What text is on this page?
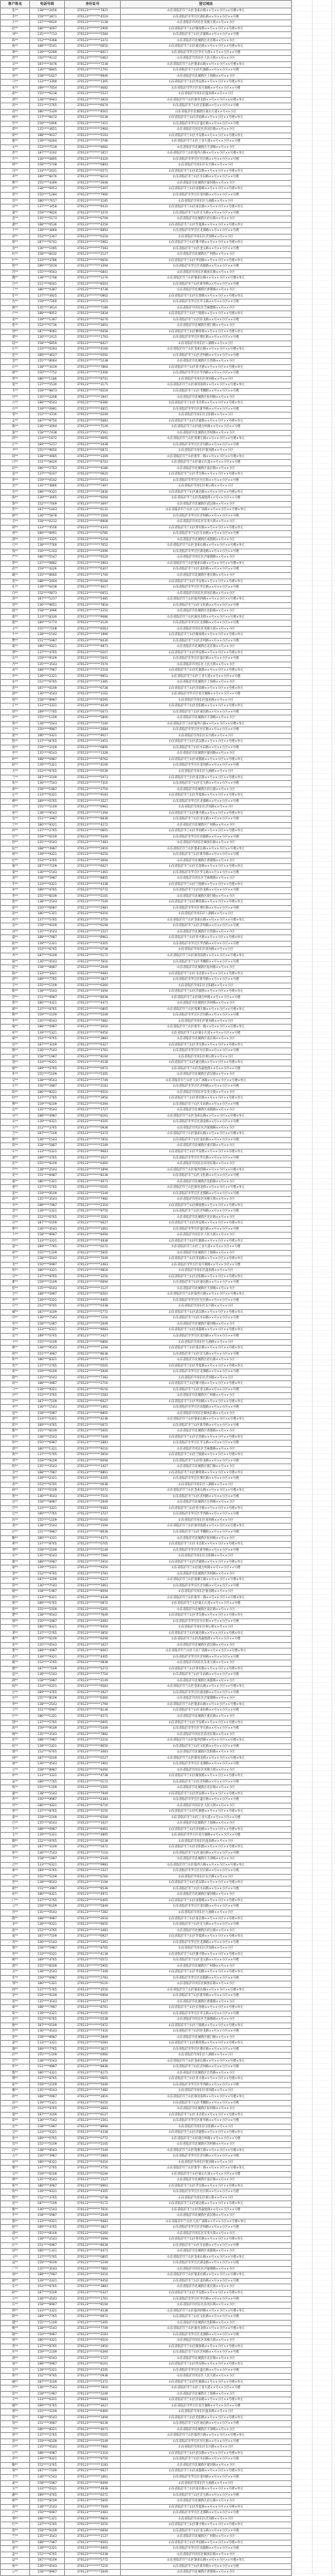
客户姓名	电话号码	身份证号	登记地址
张**	138****2456	370123********7821	山东省临沂市兰山区金雀山路××号××小区××号楼×单元
李**	159****3871	370123********4519	山东省临沂市罗庄区湖东路××号××小区××号楼
王**	137****6620	370123********1138	山东省临沂市河东区凤凰大街××号××小区
赵**	186****4097	370123********2906	山东省临沂市兰山区解放路××号××小区××号楼×单元
刘**	135****7713	370123********5584	山东省临沂市兰山区沂蒙路××号××小区××号楼
陈**	152****0368	370123********3372	山东省临沂市北城新区北京路××号××小区
杨**	188****5541	370123********6650	山东省临沂市兰山区通达路××号××小区××号楼×单元
黄**	139****2289	370123********8017	山东省临沂市罗庄区罗庄大街××号××小区××号楼
周**	150****9132	370123********0463	山东省临沂市河东区人民大街××号××小区
吴**	187****4476	370123********7238	山东省临沂市兰山区银雀山路××号××小区××号楼×单元
徐**	136****8805	370123********2791	山东省临沂市兰山区红旗路××号××小区××号楼
孙**	158****1627	370123********9946	山东省临沂市北城新区上海路××号××小区
马**	133****3390	370123********1305	山东省临沂市兰山区西安路××号××小区××号楼×单元
朱**	189****7054	370123********4682	山东省临沂市罗庄区双月湖路××号××小区××号楼
胡**	155****6218	370123********5527	山东省临沂市河东区温泉路××号××小区
郭**	138****0943	370123********3819	山东省临沂市兰山区涑河北街××号××小区××号楼×单元
何**	151****2765	370123********6074	山东省临沂市兰山区启阳路××号××小区××号楼
高**	186****5329	370123********8561	山东省临沂市北城新区蒙山大道××号××小区
林**	137****8472	370123********0238	山东省临沂市兰山区济南路××号××小区××号楼×单元
罗**	159****1806	370123********7415	山东省临沂市罗庄区盛庄路××号××小区××号楼
郑**	135****4651	370123********2960	山东省临沂市河东区滨河东路××号××小区
梁**	188****9037	370123********5193	山东省临沂市兰山区平安路××号××小区××号楼×单元
谢**	139****6284	370123********3746	山东省临沂市兰山区工业大道××号××小区××号楼
宋**	152****7519	370123********9082	山东省临沂市北城新区天津路××号××小区
唐**	187****3162	370123********1657	山东省临沂市兰山区临西六路××号××小区××号楼×单元
许**	136****0895	370123********4320	山东省临沂市罗庄区付庄路××号××小区××号楼
韩**	158****5748	370123********6893	山东省临沂市河东区东兴路××号××小区
冯**	133****2031	370123********0571	山东省临沂市兰山区武汉路××号××小区××号楼×单元
邓**	189****8476	370123********8214	山东省临沂市兰山区水田路××号××小区××号楼
曹**	155****4309	370123********2648	山东省临沂市北城新区蒙河路××号××小区
彭**	138****6953	370123********5307	山东省临沂市兰山区成都路××号××小区××号楼×单元
曾**	150****1284	370123********7960	山东省临沂市罗庄区清河路××号××小区××号楼
肖**	186****7617	370123********3185	山东省临沂市河东区九曲路××号××小区
田**	137****3458	370123********9431	山东省临沂市兰山区南京路××号××小区××号楼×单元
董**	159****9820	370123********1074	山东省临沂市兰山区宏大路××号××小区××号楼
袁**	135****5173	370123********6709	山东省临沂市北城新区府右路××号××小区
潘**	188****0536	370123********4256	山东省临沂市兰山区华夏路××号××小区××号楼×单元
于**	139****4869	370123********8893	山东省临沂市罗庄区龙潭路××号××小区××号楼
蒋**	152****2307	370123********0318	山东省临沂市河东区沂河路××号××小区
蔡**	187****6741	370123********5962	山东省临沂市兰山区聚才路××号××小区××号楼×单元
余**	136****1095	370123********7583	山东省临沂市兰山区金五路××号××小区××号楼
杜**	158****8432	370123********2127	山东省临沂市北城新区广州路××号××小区
叶**	133****3786	370123********9650	山东省临沂市兰山区枣园路××号××小区××号楼×单元
程**	189****5019	370123********3394	山东省临沂市罗庄区高都路××号××小区××号楼
苏**	155****9563	370123********6841	山东省临沂市河东区解放东路××号××小区
魏**	138****2708	370123********1276	山东省临沂市兰山区银雀山路××号××小区××号楼×单元
吕**	151****6041	370123********8503	山东省临沂市兰山区新华路××号××小区××号楼
丁**	186****0387	370123********4738	山东省临沂市北城新区香港路××号××小区
任**	137****4925	370123********0962	山东省临沂市兰山区长春路××号××小区××号楼×单元
沈**	159****7260	370123********5415	山东省临沂市罗庄区罗五路××号××小区××号楼
姚**	135****3614	370123********7189	山东省临沂市河东区芝麻墩路××号××小区
卢**	188****8952	370123********2834	山东省临沂市兰山区兰陵路××号××小区××号楼×单元
姜**	139****1397	370123********9276	山东省临沂市兰山区卧龙路××号××小区××号楼
崔**	152****5736	370123********3601	山东省临沂市北城新区澳门路××号××小区
钟**	187****9081	370123********6058	山东省临沂市兰山区柳青路××号××小区××号楼×单元
谭**	136****2415	370123********1793	山东省临沂市罗庄区傅庄路××号××小区××号楼
陆**	158****6859	370123********8427	山东省临沂市河东区八湖路××号××小区
汪**	133****0293	370123********4160	山东省临沂市兰山区金雀山路××号××小区××号楼×单元
范**	189****4627	370123********0592	山东省临沂市兰山区沂州路××号××小区××号楼
金**	155****8064	370123********5238	山东省临沂市北城新区台湾路××号××小区
石**	138****3419	370123********7864	山东省临沂市兰山区育才路××号××小区××号楼×单元
廖**	150****7752	370123********2306	山东省临沂市罗庄区罗西路××号××小区××号楼
贾**	186****1186	370123********9741	山东省临沂市河东区汤河路××号××小区
夏**	137****5530	370123********3175	山东省临沂市兰山区涑河南街××号××小区××号楼×单元
韦**	159****9873	370123********6519	山东省临沂市兰山区考棚街××号××小区××号楼
付**	135****2208	370123********1947	山东省临沂市北城新区杭州路××号××小区
方**	188****6543	370123********8380	山东省临沂市兰山区书圣街××号××小区××号楼×单元
白**	139****0981	370123********4815	山东省临沂市罗庄区新华路××号××小区××号楼
邹**	152****4316	370123********0249	山东省临沂市河东区正阳路××号××小区
孟**	187****8750	370123********5683	山东省临沂市兰山区沂蒙路××号××小区××号楼×单元
熊**	136****3094	370123********7126	山东省临沂市兰山区砚台岭路××号××小区××号楼
秦**	158****7438	370123********2561	山东省临沂市北城新区苏州路××号××小区
邱**	133****1872	370123********9095	山东省临沂市兰山区琅琊王路××号××小区××号楼×单元
江**	189****5217	370123********3438	山东省临沂市罗庄区沂河路××号××小区××号楼
尹**	155****9650	370123********6872	山东省临沂市河东区银河路××号××小区
薛**	138****4085	370123********1309	山东省临沂市兰山区新华一路××号××小区××号楼×单元
闫**	151****8429	370123********8743	山东省临沂市兰山区蒙山大道××号××小区××号楼
段**	186****2763	370123********4186	山东省临沂市北城新区南京路××号××小区
雷**	137****6107	370123********0620	山东省临沂市兰山区孝友路××号××小区××号楼×单元
侯**	159****0542	370123********5053	山东省临沂市罗庄区付庄街××号××小区××号楼
龙**	135****4886	370123********7497	山东省临沂市河东区相公街××号××小区
史**	188****9321	370123********2830	山东省临沂市兰山区通达路××号××小区××号楼×单元
陶**	139****3665	370123********9264	山东省临沂市兰山区洗砚池街××号××小区××号楼
黎**	152****7009	370123********3697	山东省临沂市北城新区武汉路××号××小区
贺**	187****1443	370123********6131	山东省临沂市兰山区人民广场路××号××小区××号楼×单元
顾**	136****5878	370123********1564	山东省临沂市罗庄区沂州路××号××小区××号楼
毛**	158****0212	370123********8908	山东省临沂市河东区东夷大街××号××小区
郝**	133****4556	370123********4341	山东省临沂市兰山区将军路××号××小区××号楼×单元
龚**	189****8991	370123********0785	山东省临沂市兰山区车站路××号××小区××号楼
邵**	155****3325	370123********5218	山东省临沂市北城新区成都路××号××小区
万**	138****7769	370123********7652	山东省临沂市兰山区金雀山路××号××小区××号楼×单元
钱**	150****1103	370123********2096	山东省临沂市罗庄区湖北路××号××小区××号楼
严**	186****5547	370123********9529	山东省临沂市河东区沂蒙湖路××号××小区
覃**	137****9882	370123********3963	山东省临沂市兰山区银雀山路××号××小区××号楼×单元
武**	159****4226	370123********6307	山东省临沂市兰山区南坊路××号××小区××号楼
戴**	135****8660	370123********1740	山东省临沂市北城新区重庆路××号××小区
莫**	188****2004	370123********8184	山东省临沂市兰山区平安路××号××小区××号楼×单元
孔**	139****6438	370123********4617	山东省临沂市罗庄区罗庄路××号××小区××号楼
向**	152****0873	370123********0051	山东省临沂市河东区滨河东路××号××小区
汤**	187****5217	370123********5485	山东省临沂市兰山区临西四路××号××小区××号楼×单元
常**	136****9651	370123********7818	山东省临沂市兰山区文化路××号××小区××号楼
温**	158****3996	370123********2252	山东省临沂市北城新区沈阳路××号××小区
康**	133****8330	370123********9686	山东省临沂市兰山区涑河北街××号××小区××号楼×单元
施**	189****2774	370123********3129	山东省临沂市罗庄区龙潭路××号××小区××号楼
文**	155****7108	370123********6563	山东省临沂市河东区凤凰大街××号××小区
牛**	138****1542	370123********1996	山东省临沂市兰山区解放路××号××小区××号楼×单元
樊**	151****5987	370123********8430	山东省临沂市兰山区沂州路××号××小区××号楼
葛**	186****0321	370123********4873	山东省临沂市北城新区北京路××号××小区
邢**	137****4765	370123********0207	山东省临沂市兰山区西安路××号××小区××号楼×单元
安**	159****9109	370123********5641	山东省临沂市罗庄区盛庄路××号××小区××号楼
齐**	135****3543	370123********7074	山东省临沂市河东区人民大街××号××小区
易**	188****7987	370123********2518	山东省临沂市兰山区红旗路××号××小区××号楼×单元
乔**	139****2321	370123********9951	山东省临沂市兰山区工业大道××号××小区××号楼
伍**	152****6765	370123********3385	山东省临沂市北城新区上海路××号××小区
庞**	187****0109	370123********6728	山东省临沂市兰山区济南路××号××小区××号楼×单元
颜**	136****4543	370123********1162	山东省临沂市罗庄区双月湖路××号××小区××号楼
倪**	158****8987	370123********8595	山东省临沂市河东区温泉路××号××小区
庄**	133****3321	370123********4039	山东省临沂市兰山区启阳路××号××小区××号楼×单元
聂**	189****7765	370123********0473	山东省临沂市兰山区通达路××号××小区××号楼
章**	155****1109	370123********5806	山东省临沂市北城新区天津路××号××小区
鲁**	138****5543	370123********7240	山东省临沂市兰山区临西六路××号××小区××号楼×单元
岳**	150****9987	370123********2684	山东省临沂市罗庄区付庄路××号××小区××号楼
翟**	186****4321	370123********9017	山东省临沂市河东区东兴路××号××小区
殷**	137****8765	370123********3451	山东省临沂市兰山区武汉路××号××小区××号楼×单元
詹**	159****2109	370123********6895	山东省临沂市兰山区水田路××号××小区××号楼
申**	135****6543	370123********1328	山东省临沂市北城新区蒙河路××号××小区
欧**	188****0987	370123********8762	山东省临沂市兰山区成都路××号××小区××号楼×单元
耿**	139****5321	370123********4106	山东省临沂市罗庄区清河路××号××小区××号楼
关**	152****9765	370123********0539	山东省临沂市河东区九曲路××号××小区
兰**	187****3109	370123********5973	山东省临沂市兰山区南京路××号××小区××号楼×单元
焦**	136****7543	370123********7316	山东省临沂市兰山区宏大路××号××小区××号楼
俞**	158****1987	370123********2750	山东省临沂市北城新区府右路××号××小区
左**	133****6321	370123********9183	山东省临沂市兰山区华夏路××号××小区××号楼×单元
柳**	189****0765	370123********3527	山东省临沂市罗庄区龙潭路××号××小区××号楼
甘**	155****5109	370123********6961	山东省临沂市河东区沂河路××号××小区
祝**	138****9543	370123********1394	山东省临沂市兰山区聚才路××号××小区××号楼×单元
包**	151****3987	370123********8838	山东省临沂市兰山区金五路××号××小区××号楼
宁**	186****8321	370123********4272	山东省临沂市北城新区广州路××号××小区
尚**	137****2765	370123********0605	山东省临沂市兰山区枣园路××号××小区××号楼×单元
符**	159****6109	370123********5049	山东省临沂市罗庄区高都路××号××小区××号楼
舒**	135****0543	370123********7483	山东省临沂市河东区解放东路××号××小区
阮**	188****4987	370123********2816	山东省临沂市兰山区银雀山路××号××小区××号楼×单元
柯**	139****9321	370123********9250	山东省临沂市兰山区新华路××号××小区××号楼
纪**	152****3765	370123********3694	山东省临沂市北城新区香港路××号××小区
梅**	187****7109	370123********6027	山东省临沂市兰山区长春路××号××小区××号楼×单元
童**	136****1543	370123********1461	山东省临沂市罗庄区罗五路××号××小区××号楼
凌**	158****5987	370123********8805	山东省临沂市河东区芝麻墩路××号××小区
毕**	133****0321	370123********4338	山东省临沂市兰山区兰陵路××号××小区××号楼×单元
单**	189****4765	370123********0772	山东省临沂市兰山区卧龙路××号××小区××号楼
季**	155****8109	370123********5105	山东省临沂市北城新区澳门路××号××小区
裴**	138****2543	370123********7549	山东省临沂市兰山区柳青路××号××小区××号楼×单元
霍**	150****6987	370123********2983	山东省临沂市罗庄区傅庄路××号××小区××号楼
涂**	186****1321	370123********9316	山东省临沂市河东区八湖路××号××小区
成**	137****5765	370123********3750	山东省临沂市兰山区金雀山路××号××小区××号楼×单元
苗**	159****9109	370123********6194	山东省临沂市兰山区沂州路××号××小区××号楼
谷**	135****3543	370123********1527	山东省临沂市北城新区台湾路××号××小区
盛**	188****7987	370123********8961	山东省临沂市兰山区育才路××号××小区××号楼×单元
曲**	139****2321	370123********4305	山东省临沂市罗庄区罗西路××号××小区××号楼
翁**	152****6765	370123********0738	山东省临沂市河东区汤河路××号××小区
冉**	187****0109	370123********5172	山东省临沂市兰山区涑河南街××号××小区××号楼×单元
骆**	136****4543	370123********7616	山东省临沂市兰山区考棚街××号××小区××号楼
蓝**	158****8987	370123********2049	山东省临沂市北城新区杭州路××号××小区
路**	133****3321	370123********9483	山东省临沂市兰山区书圣街××号××小区××号楼×单元
游**	189****7765	370123********3827	山东省临沂市罗庄区新华路××号××小区××号楼
辛**	155****1109	370123********6260	山东省临沂市河东区正阳路××号××小区
靳**	138****5543	370123********1694	山东省临沂市兰山区沂蒙路××号××小区××号楼×单元
管**	151****9987	370123********8038	山东省临沂市兰山区砚台岭路××号××小区××号楼
柴**	186****4321	370123********4471	山东省临沂市北城新区苏州路××号××小区
蒲**	137****8765	370123********0805	山东省临沂市兰山区琅琊王路××号××小区××号楼×单元
鲍**	159****2109	370123********5249	山东省临沂市罗庄区沂河路××号××小区××号楼
华**	135****6543	370123********7682	山东省临沂市河东区银河路××号××小区
喻**	188****0987	370123********2016	山东省临沂市兰山区新华一路××号××小区××号楼×单元
祁**	139****5321	370123********9450	山东省临沂市兰山区蒙山大道××号××小区××号楼
蒙**	152****9765	370123********3883	山东省临沂市北城新区南京路××号××小区
房**	187****3109	370123********6327	山东省临沂市兰山区孝友路××号××小区××号楼×单元
滕**	136****7543	370123********1761	山东省临沂市罗庄区付庄街××号××小区××号楼
屈**	158****1987	370123********8194	山东省临沂市河东区相公街××号××小区
饶**	133****6321	370123********4538	山东省临沂市兰山区通达路××号××小区××号楼×单元
解**	189****0765	370123********0972	山东省临沂市兰山区洗砚池街××号××小区××号楼
牟**	155****5109	370123********5305	山东省临沂市北城新区武汉路××号××小区
艾**	138****9543	370123********7749	山东省临沂市兰山区人民广场路××号××小区××号楼×单元
尤**	150****3987	370123********2183	山东省临沂市罗庄区沂州路××号××小区××号楼
阳**	186****8321	370123********9516	山东省临沂市河东区东夷大街××号××小区
时**	137****2765	370123********3950	山东省临沂市兰山区将军路××号××小区××号楼×单元
穆**	159****6109	370123********6394	山东省临沂市兰山区车站路××号××小区××号楼
农**	135****0543	370123********1727	山东省临沂市北城新区成都路××号××小区
司**	188****4987	370123********8161	山东省临沂市兰山区金雀山路××号××小区××号楼×单元
卓**	139****9321	370123********4505	山东省临沂市罗庄区湖北路××号××小区××号楼
古**	152****3765	370123********0938	山东省临沂市河东区沂蒙湖路××号××小区
吉**	187****7109	370123********5372	山东省临沂市兰山区银雀山路××号××小区××号楼×单元
缪**	136****1543	370123********7816	山东省临沂市兰山区南坊路××号××小区××号楼
简**	158****5987	370123********2249	山东省临沂市北城新区重庆路××号××小区
车**	133****0321	370123********9683	山东省临沂市兰山区平安路××号××小区××号楼×单元
项**	189****4765	370123********3027	山东省临沂市罗庄区罗庄路××号××小区××号楼
连**	155****8109	370123********6460	山东省临沂市河东区滨河东路××号××小区
芦**	138****2543	370123********1894	山东省临沂市兰山区临西四路××号××小区××号楼×单元
麦**	151****6987	370123********8238	山东省临沂市兰山区文化路××号××小区××号楼
褚**	186****1321	370123********4671	山东省临沂市北城新区沈阳路××号××小区
娄**	137****5765	370123********0105	山东省临沂市兰山区涑河北街××号××小区××号楼×单元
窦**	159****9109	370123********5549	山东省临沂市罗庄区龙潭路××号××小区××号楼
戚**	135****3543	370123********7982	山东省临沂市河东区凤凰大街××号××小区
岑**	188****7987	370123********2316	山东省临沂市兰山区解放路××号××小区××号楼×单元
景**	139****2321	370123********9750	山东省临沂市兰山区沂州路××号××小区××号楼
党**	152****6765	370123********3183	山东省临沂市北城新区北京路××号××小区
宫**	187****0109	370123********6627	山东省临沂市兰山区西安路××号××小区××号楼×单元
费**	136****4543	370123********1061	山东省临沂市罗庄区盛庄路××号××小区××号楼
卜**	158****8987	370123********8494	山东省临沂市河东区人民大街××号××小区
冷**	133****3321	370123********4838	山东省临沂市兰山区红旗路××号××小区××号楼×单元
晏**	189****7765	370123********0272	山东省临沂市兰山区工业大道××号××小区××号楼
席**	155****1109	370123********5605	山东省临沂市北城新区上海路××号××小区
卫**	138****5543	370123********7049	山东省临沂市兰山区济南路××号××小区××号楼×单元
米**	150****9987	370123********2483	山东省临沂市罗庄区双月湖路××号××小区××号楼
柏**	186****4321	370123********9816	山东省临沂市河东区温泉路××号××小区
宗**	137****8765	370123********3250	山东省临沂市兰山区启阳路××号××小区××号楼×单元
瞿**	159****2109	370123********6694	山东省临沂市兰山区通达路××号××小区××号楼
桂**	135****6543	370123********1127	山东省临沂市北城新区天津路××号××小区
全**	188****0987	370123********8561	山东省临沂市兰山区临西六路××号××小区××号楼×单元
佟**	139****5321	370123********4905	山东省临沂市罗庄区付庄路××号××小区××号楼
应**	152****9765	370123********0338	山东省临沂市河东区东兴路××号××小区
臧**	187****3109	370123********5772	山东省临沂市兰山区武汉路××号××小区××号楼×单元
闵**	136****7543	370123********7216	山东省临沂市兰山区水田路××号××小区××号楼
苟**	158****1987	370123********2649	山东省临沂市北城新区蒙河路××号××小区
邬**	133****6321	370123********9083	山东省临沂市兰山区成都路××号××小区××号楼×单元
边**	189****0765	370123********3427	山东省临沂市罗庄区清河路××号××小区××号楼
卞**	155****5109	370123********6860	山东省临沂市河东区九曲路××号××小区
姬**	138****9543	370123********1294	山东省临沂市兰山区南京路××号××小区××号楼×单元
师**	151****3987	370123********8638	山东省临沂市兰山区宏大路××号××小区××号楼
和**	186****8321	370123********4071	山东省临沂市北城新区府右路××号××小区
仇**	137****2765	370123********0505	山东省临沂市兰山区华夏路××号××小区××号楼×单元
栾**	159****6109	370123********5949	山东省临沂市罗庄区龙潭路××号××小区××号楼
隋**	135****0543	370123********7382	山东省临沂市河东区沂河路××号××小区
商**	188****4987	370123********2716	山东省临沂市兰山区聚才路××号××小区××号楼×单元
刁**	139****9321	370123********9150	山东省临沂市兰山区金五路××号××小区××号楼
沙**	152****3765	370123********3583	山东省临沂市北城新区广州路××号××小区
荣**	187****7109	370123********6027	山东省临沂市兰山区枣园路××号××小区××号楼×单元
巫**	136****1543	370123********1461	山东省临沂市罗庄区高都路××号××小区××号楼
寇**	158****5987	370123********8805	山东省临沂市河东区解放东路××号××小区
桑**	133****0321	370123********4238	山东省临沂市兰山区银雀山路××号××小区××号楼×单元
郎**	189****4765	370123********0672	山东省临沂市兰山区新华路××号××小区××号楼
甄**	155****8109	370123********5005	山东省临沂市北城新区香港路××号××小区
丛**	138****2543	370123********7449	山东省临沂市兰山区长春路××号××小区××号楼×单元
仲**	150****6987	370123********2883	山东省临沂市罗庄区罗五路××号××小区××号楼
虞**	186****1321	370123********9216	山东省临沂市河东区芝麻墩路××号××小区
敖**	137****5765	370123********3650	山东省临沂市兰山区兰陵路××号××小区××号楼×单元
巩**	159****9109	370123********6094	山东省临沂市兰山区卧龙路××号××小区××号楼
明**	135****3543	370123********1427	山东省临沂市北城新区澳门路××号××小区
佘**	188****7987	370123********8861	山东省临沂市兰山区柳青路××号××小区××号楼×单元
池**	139****2321	370123********4205	山东省临沂市罗庄区傅庄路××号××小区××号楼
查**	152****6765	370123********0638	山东省临沂市河东区八湖路××号××小区
麻**	187****0109	370123********5072	山东省临沂市兰山区金雀山路××号××小区××号楼×单元
苑**	136****4543	370123********7516	山东省临沂市兰山区沂州路××号××小区××号楼
迟**	158****8987	370123********2949	山东省临沂市北城新区台湾路××号××小区
邝**	133****3321	370123********9383	山东省临沂市兰山区育才路××号××小区××号楼×单元
官**	189****7765	370123********3727	山东省临沂市罗庄区罗西路××号××小区××号楼
封**	155****1109	370123********6160	山东省临沂市河东区汤河路××号××小区
谈**	138****5543	370123********1594	山东省临沂市兰山区涑河南街××号××小区××号楼×单元
匡**	151****9987	370123********8938	山东省临沂市兰山区考棚街××号××小区××号楼
鞠**	186****4321	370123********4371	山东省临沂市北城新区杭州路××号××小区
惠**	137****8765	370123********0705	山东省临沂市兰山区书圣街××号××小区××号楼×单元
荆**	159****2109	370123********5149	山东省临沂市罗庄区新华路××号××小区××号楼
乐**	135****6543	370123********7582	山东省临沂市河东区正阳路××号××小区
冀**	188****0987	370123********2916	山东省临沂市兰山区沂蒙路××号××小区××号楼×单元
郁**	139****5321	370123********9350	山东省临沂市兰山区砚台岭路××号××小区××号楼
胥**	152****9765	370123********3783	山东省临沂市北城新区苏州路××号××小区
南**	187****3109	370123********6227	山东省临沂市兰山区琅琊王路××号××小区××号楼×单元
班**	136****7543	370123********1661	山东省临沂市罗庄区沂河路××号××小区××号楼
储**	158****1987	370123********8094	山东省临沂市河东区银河路××号××小区
原**	133****6321	370123********4438	山东省临沂市兰山区新华一路××号××小区××号楼×单元
栗**	189****0765	370123********0872	山东省临沂市兰山区蒙山大道××号××小区××号楼
燕**	155****5109	370123********5205	山东省临沂市北城新区南京路××号××小区
楚**	138****9543	370123********7649	山东省临沂市兰山区孝友路××号××小区××号楼×单元
鄢**	150****3987	370123********2083	山东省临沂市罗庄区付庄街××号××小区××号楼
劳**	186****8321	370123********9416	山东省临沂市河东区相公街××号××小区
谌**	137****2765	370123********3850	山东省临沂市兰山区通达路××号××小区××号楼×单元
奚**	159****6109	370123********6294	山东省临沂市兰山区洗砚池街××号××小区××号楼
皮**	135****0543	370123********1627	山东省临沂市北城新区武汉路××号××小区
粟**	188****4987	370123********8061	山东省临沂市兰山区人民广场路××号××小区××号楼×单元
冼**	139****9321	370123********4405	山东省临沂市罗庄区沂州路××号××小区××号楼
蔺**	152****3765	370123********0838	山东省临沂市河东区东夷大街××号××小区
楼**	187****7109	370123********5272	山东省临沂市兰山区将军路××号××小区××号楼×单元
盘**	136****1543	370123********7716	山东省临沂市兰山区车站路××号××小区××号楼
满**	158****5987	370123********2149	山东省临沂市北城新区成都路××号××小区
闻**	133****0321	370123********9583	山东省临沂市兰山区金雀山路××号××小区××号楼×单元
位**	189****4765	370123********3927	山东省临沂市罗庄区湖北路××号××小区××号楼
厉**	155****8109	370123********6360	山东省临沂市河东区沂蒙湖路××号××小区
伊**	138****2543	370123********1794	山东省临沂市兰山区银雀山路××号××小区××号楼×单元
仝**	151****6987	370123********8138	山东省临沂市兰山区南坊路××号××小区××号楼
区**	186****1321	370123********4571	山东省临沂市北城新区重庆路××号××小区
郜**	137****5765	370123********0005	山东省临沂市兰山区平安路××号××小区××号楼×单元
海**	159****9109	370123********5449	山东省临沂市罗庄区罗庄路××号××小区××号楼
阚**	135****3543	370123********7882	山东省临沂市河东区滨河东路××号××小区
花**	188****7987	370123********2216	山东省临沂市兰山区临西四路××号××小区××号楼×单元
权**	139****2321	370123********9650	山东省临沂市兰山区文化路××号××小区××号楼
强**	152****6765	370123********3083	山东省临沂市北城新区沈阳路××号××小区
帅**	187****0109	370123********6527	山东省临沂市兰山区涑河北街××号××小区××号楼×单元
屠**	136****4543	370123********1961	山东省临沂市罗庄区龙潭路××号××小区××号楼
豆**	158****8987	370123********8394	山东省临沂市河东区凤凰大街××号××小区
朴**	133****3321	370123********4738	山东省临沂市兰山区解放路××号××小区××号楼×单元
盖**	189****7765	370123********0172	山东省临沂市兰山区沂州路××号××小区××号楼
练**	155****1109	370123********5505	山东省临沂市北城新区北京路××号××小区
廉**	138****5543	370123********7949	山东省临沂市兰山区西安路××号××小区××号楼×单元
禹**	150****9987	370123********2383	山东省临沂市罗庄区盛庄路××号××小区××号楼
井**	186****4321	370123********9716	山东省临沂市河东区人民大街××号××小区
祖**	137****8765	370123********3150	山东省临沂市兰山区红旗路××号××小区××号楼×单元
漆**	159****2109	370123********6594	山东省临沂市兰山区工业大道××号××小区××号楼
巴**	135****6543	370123********1027	山东省临沂市北城新区上海路××号××小区
丰**	188****0987	370123********8461	山东省临沂市兰山区济南路××号××小区××号楼×单元
支**	139****5321	370123********4805	山东省临沂市罗庄区双月湖路××号××小区××号楼
卿**	152****9765	370123********0238	山东省临沂市河东区温泉路××号××小区
国**	187****3109	370123********5672	山东省临沂市兰山区启阳路××号××小区××号楼×单元
狄**	136****7543	370123********7116	山东省临沂市兰山区通达路××号××小区××号楼
平**	158****1987	370123********2549	山东省临沂市北城新区天津路××号××小区
计**	133****6321	370123********9983	山东省临沂市兰山区临西六路××号××小区××号楼×单元
索**	189****0765	370123********3327	山东省临沂市罗庄区付庄路××号××小区××号楼
宣**	155****5109	370123********6760	山东省临沂市河东区东兴路××号××小区
晋**	138****9543	370123********1194	山东省临沂市兰山区武汉路××号××小区××号楼×单元
相**	151****3987	370123********8538	山东省临沂市兰山区水田路××号××小区××号楼
初**	186****8321	370123********4971	山东省临沂市北城新区蒙河路××号××小区
门**	137****2765	370123********0405	山东省临沂市兰山区成都路××号××小区××号楼×单元
云**	159****6109	370123********5849	山东省临沂市罗庄区清河路××号××小区××号楼
容**	135****0543	370123********7282	山东省临沂市河东区九曲路××号××小区
敬**	188****4987	370123********2616	山东省临沂市兰山区南京路××号××小区××号楼×单元
来**	139****9321	370123********9050	山东省临沂市兰山区宏大路××号××小区××号楼
扈**	152****3765	370123********3483	山东省临沂市北城新区府右路××号××小区
晁**	187****7109	370123********6927	山东省临沂市兰山区华夏路××号××小区××号楼×单元
芮**	136****1543	370123********1361	山东省临沂市罗庄区龙潭路××号××小区××号楼
都**	158****5987	370123********8705	山东省临沂市河东区沂河路××号××小区
普**	133****0321	370123********4138	山东省临沂市兰山区聚才路××号××小区××号楼×单元
阙**	189****4765	370123********0572	山东省临沂市兰山区金五路××号××小区××号楼
浦**	155****8109	370123********5905	山东省临沂市北城新区广州路××号××小区
戈**	138****2543	370123********7349	山东省临沂市兰山区枣园路××号××小区××号楼×单元
伏**	150****6987	370123********2783	山东省临沂市罗庄区高都路××号××小区××号楼
鄂**	186****1321	370123********9116	山东省临沂市河东区解放东路××号××小区
阎**	137****5765	370123********3550	山东省临沂市兰山区银雀山路××号××小区××号楼×单元
茅**	159****9109	370123********6994	山东省临沂市兰山区新华路××号××小区××号楼
庚**	135****3543	370123********1327	山东省临沂市北城新区香港路××号××小区
暴**	188****7987	370123********8761	山东省临沂市兰山区长春路××号××小区××号楼×单元
钮**	139****2321	370123********4105	山东省临沂市罗庄区罗五路××号××小区××号楼
龙**	152****6765	370123********0538	山东省临沂市河东区芝麻墩路××号××小区
缑**	187****0109	370123********5972	山东省临沂市兰山区兰陵路××号××小区××号楼×单元
冶**	136****4543	370123********7416	山东省临沂市兰山区卧龙路××号××小区××号楼
訾**	158****8987	370123********2849	山东省临沂市北城新区澳门路××号××小区
逯**	133****3321	370123********9283	山东省临沂市兰山区柳青路××号××小区××号楼×单元
蹇**	189****7765	370123********3627	山东省临沂市罗庄区傅庄路××号××小区××号楼
於**	155****1109	370123********6060	山东省临沂市河东区八湖路××号××小区
苌**	138****5543	370123********1494	山东省临沂市兰山区金雀山路××号××小区××号楼×单元
怀**	151****9987	370123********8838	山东省临沂市兰山区沂州路××号××小区××号楼
衡**	186****4321	370123********4271	山东省临沂市北城新区台湾路××号××小区
璩**	137****8765	370123********0605	山东省临沂市兰山区育才路××号××小区××号楼×单元
桓**	159****2109	370123********5049	山东省临沂市罗庄区罗西路××号××小区××号楼
夔**	135****6543	370123********7482	山东省临沂市河东区汤河路××号××小区
尉**	188****0987	370123********2816	山东省临沂市兰山区涑河南街××号××小区××号楼×单元
双**	139****5321	370123********9250	山东省临沂市兰山区考棚街××号××小区××号楼
闾**	152****9765	370123********3683	山东省临沂市北城新区杭州路××号××小区
慕**	187****3109	370123********6127	山东省临沂市兰山区书圣街××号××小区××号楼×单元
茹**	136****7543	370123********1561	山东省临沂市罗庄区新华路××号××小区××号楼
宦**	158****1987	370123********8994	山东省临沂市河东区正阳路××号××小区
艾**	133****6321	370123********4338	山东省临沂市兰山区沂蒙路××号××小区××号楼×单元
鱼**	189****0765	370123********0772	山东省临沂市兰山区砚台岭路××号××小区××号楼
容**	155****5109	370123********5105	山东省临沂市北城新区苏州路××号××小区
向**	138****9543	370123********7549	山东省临沂市兰山区琅琊王路××号××小区××号楼×单元
古**	150****3987	370123********2983	山东省临沂市罗庄区沂河路××号××小区××号楼
易**	186****8321	370123********9316	山东省临沂市河东区银河路××号××小区
慎**	137****2765	370123********3750	山东省临沂市兰山区新华一路××号××小区××号楼×单元
戈**	159****6109	370123********6194	山东省临沂市兰山区蒙山大道××号××小区××号楼
廖**	135****0543	370123********1527	山东省临沂市北城新区南京路××号××小区
庾**	188****4987	370123********8961	山东省临沂市兰山区孝友路××号××小区××号楼×单元
终**	139****9321	370123********4305	山东省临沂市罗庄区付庄街××号××小区××号楼
暨**	152****3765	370123********0738	山东省临沂市河东区相公街××号××小区
居**	187****7109	370123********5172	山东省临沂市兰山区通达路××号××小区××号楼×单元
衡**	136****1543	370123********7616	山东省临沂市兰山区洗砚池街××号××小区××号楼
步**	158****5987	370123********2049	山东省临沂市北城新区武汉路××号××小区
都**	133****0321	370123********9483	山东省临沂市兰山区人民广场路××号××小区××号楼×单元
耿**	189****4765	370123********3827	山东省临沂市罗庄区沂州路××号××小区××号楼
满**	155****8109	370123********6260	山东省临沂市河东区东夷大街××号××小区
弘**	138****2543	370123********1694	山东省临沂市兰山区将军路××号××小区××号楼×单元
匡**	151****6987	370123********8038	山东省临沂市兰山区车站路××号××小区××号楼
国**	186****1321	370123********4471	山东省临沂市北城新区成都路××号××小区
文**	137****5765	370123********0805	山东省临沂市兰山区金雀山路××号××小区××号楼×单元
寇**	159****9109	370123********5249	山东省临沂市罗庄区湖北路××号××小区××号楼
广**	135****3543	370123********7682	山东省临沂市河东区沂蒙湖路××号××小区
禄**	188****7987	370123********2016	山东省临沂市兰山区银雀山路××号××小区××号楼×单元
阙**	139****2321	370123********9450	山东省临沂市兰山区南坊路××号××小区××号楼
东**	152****6765	370123********3883	山东省临沂市北城新区重庆路××号××小区
欧**	187****0109	370123********6327	山东省临沂市兰山区平安路××号××小区××号楼×单元
殳**	136****4543	370123********1761	山东省临沂市罗庄区罗庄路××号××小区××号楼
沃**	158****8987	370123********8194	山东省临沂市河东区滨河东路××号××小区
利**	133****3321	370123********4538	山东省临沂市兰山区临西四路××号××小区××号楼×单元
蔚**	189****7765	370123********0972	山东省临沂市兰山区文化路××号××小区××号楼
越**	155****1109	370123********5305	山东省临沂市北城新区沈阳路××号××小区
夔**	138****5543	370123********7749	山东省临沂市兰山区涑河北街××号××小区××号楼×单元
隆**	150****9987	370123********2183	山东省临沂市罗庄区龙潭路××号××小区××号楼
师**	186****4321	370123********9516	山东省临沂市河东区凤凰大街××号××小区
巩**	137****8765	370123********3950	山东省临沂市兰山区解放路××号××小区××号楼×单元
厍**	159****2109	370123********6394	山东省临沂市兰山区沂州路××号××小区××号楼
聂**	135****6543	370123********1727	山东省临沂市北城新区北京路××号××小区
晁**	188****0987	370123********8161	山东省临沂市兰山区西安路××号××小区××号楼×单元
勾**	139****5321	370123********4505	山东省临沂市罗庄区盛庄路××号××小区××号楼
敖**	152****9765	370123********0938	山东省临沂市河东区人民大街××号××小区
融**	187****3109	370123********5372	山东省临沂市兰山区红旗路××号××小区××号楼×单元
冷**	136****7543	370123********7816	山东省临沂市兰山区工业大道××号××小区××号楼
訾**	158****1987	370123********2249	山东省临沂市北城新区上海路××号××小区
辛**	133****6321	370123********9683	山东省临沂市兰山区济南路××号××小区××号楼×单元
阚**	189****0765	370123********3027	山东省临沂市罗庄区双月湖路××号××小区××号楼
那**	155****5109	370123********6460	山东省临沂市河东区温泉路××号××小区
简**	138****9543	370123********1894	山东省临沂市兰山区启阳路××号××小区××号楼×单元
饶**	151****3987	370123********8238	山东省临沂市兰山区通达路××号××小区××号楼
空**	186****8321	370123********4671	山东省临沂市北城新区天津路××号××小区
曾**	137****2765	370123********0105	山东省临沂市兰山区临西六路××号××小区××号楼×单元
毋**	159****6109	370123********5549	山东省临沂市罗庄区付庄路××号××小区××号楼
沙**	135****0543	370123********7982	山东省临沂市河东区东兴路××号××小区
乜**	188****4987	370123********2316	山东省临沂市兰山区武汉路××号××小区××号楼×单元
养**	139****9321	370123********9750	山东省临沂市兰山区水田路××号××小区××号楼
鞠**	152****3765	370123********3183	山东省临沂市北城新区蒙河路××号××小区
须**	187****7109	370123********6627	山东省临沂市兰山区成都路××号××小区××号楼×单元
丰**	136****1543	370123********1061	山东省临沂市罗庄区清河路××号××小区××号楼
巢**	158****5987	370123********8494	山东省临沂市河东区九曲路××号××小区
关**	133****0321	370123********4838	山东省临沂市兰山区南京路××号××小区××号楼×单元
蒯**	189****4765	370123********0272	山东省临沂市兰山区宏大路××号××小区××号楼
相**	155****8109	370123********5605	山东省临沂市北城新区府右路××号××小区
查**	138****2543	370123********7049	山东省临沂市兰山区华夏路××号××小区××号楼×单元
后**	150****6987	370123********2483	山东省临沂市罗庄区龙潭路××号××小区××号楼
荆**	186****1321	370123********9816	山东省临沂市河东区沂河路××号××小区
红**	137****5765	370123********3250	山东省临沂市兰山区聚才路××号××小区××号楼×单元
游**	159****9109	370123********6694	山东省临沂市兰山区金五路××号××小区××号楼
竺**	135****3543	370123********1127	山东省临沂市北城新区广州路××号××小区
权**	188****7987	370123********8561	山东省临沂市兰山区枣园路××号××小区××号楼×单元
逯**	139****2321	370123********4905	山东省临沂市罗庄区高都路××号××小区××号楼
盖**	152****6765	370123********0338	山东省临沂市河东区解放东路××号××小区
益**	187****0109	370123********5772	山东省临沂市兰山区银雀山路××号××小区××号楼×单元
桓**	136****4543	370123********7216	山东省临沂市兰山区新华路××号××小区××号楼
公**	158****8987	370123********2649	山东省临沂市北城新区香港路××号××小区
